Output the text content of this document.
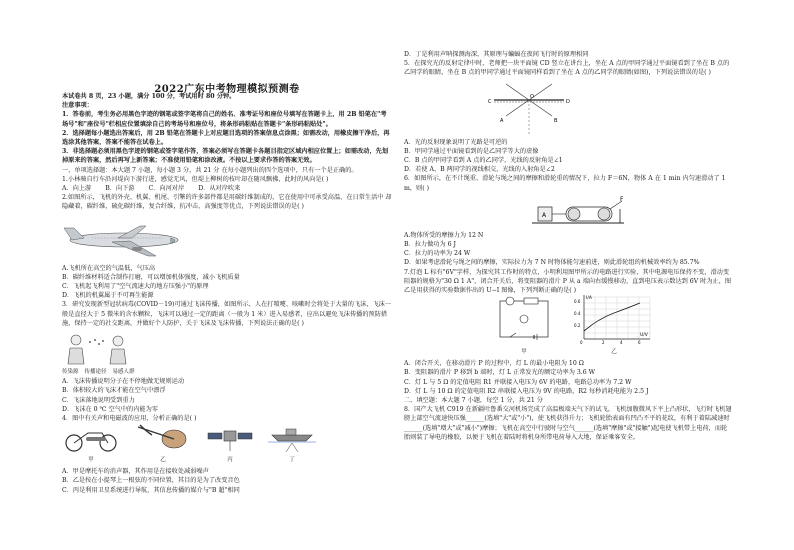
2022广东中考物理模拟预测卷
本试卷共 8 页，23 小题，满分 100 分，考试用时 80 分钟。
注意事项：
1．答卷前，考生务必用黑色字迹的钢笔或签字笔将自己的姓名、准考证号和座位号填写在答题卡上，用 2B 铅笔在"考场号"和"座位号"栏相应位置填涂自己的考场号和座位号，将条形码粘贴在答题卡"条形码粘贴处"。
2．选择题每小题选出答案后，用 2B 铅笔在答题卡上对应题目选项的答案信息点涂黑；如需改动，用橡皮擦干净后，再选涂其他答案，答案不能答在试卷上。
3．非选择题必须用黑色字迹的钢笔或签字笔作答，答案必须写在答题卡各题目指定区域内相应位置上；如需改动，先划掉原来的答案，然后再写上新答案；不准使用铅笔和涂改液。不按以上要求作答的答案无效。
一、单项选择题：本大题 7 小题，每小题 3 分，共 21 分 在每小题列出的四个选项中，只有一个是正确的。
1.小林骑自行车沿河堤向下游行进，感觉无风，但堤上柳树的枝叶却在随风飘拂，此时的风向是( )
A．向上游 B．向下游 C．向河对岸 D．从对岸吹来
2.如图所示，飞机的外壳、机翼、机尾、引擎的许多部件都是用碳纤维制成的，它在使用中可承受高温，在日常生活中 却隐藏着，碳纤维，硫化碳纤维，复合纤维，抗冲击、高强度等优点，下列说法错误的是( )
A.飞机所在高空的气温低，气压高
B．碳纤维材料适合制作打磨，可以增加机体强度，减小飞机质量
C．飞机起飞利用了"空气流速大的地方压强小"的原理
D．飞机的机翼属于不可再生能源
3．研究发现新型冠状病毒(COVID－19)可通过飞沫传播，如图所示，人在打喷嚏、咳嗽时会将处于大量的飞沫，飞沫一般是直径大于 5 微米的含水颗粒，飞沫可以通过一定的距离（一般为 1 米）进入易感者，应出以避免飞沫传播的预防措施，保持一定的社交距离，并做好个人防护，关于飞沫及飞沫传播，下列说法正确的是( )
传染源 传播途径 易感人群
A．飞沫传播说明分子在不停地做无规则运动
B．体积较大的飞沫才能在空气中漂浮
C．飞沫落地说明受到重力
D．飞沫在 0 ℃ 空气中的内能为零
4．图中有关声和电磁波的应用，分析正确的是( )
甲	乙	丙	丁
A．甲是摩托车的消声器，其作用是在接收处减弱噪声
B．乙是按在小提琴上一根弦的不同位置，其目的是为了改变音色
C．丙是利用卫星系统进行导航，其信息传播的媒介与"B 超"相同
D．丁是利用声呐探测海深，其原理与蝙蝠在夜间飞行时的原理相同
5．在探究光的反射定律中时，老师把一块平面镜 CD 竖立在讲台上，坐在 A 点的甲同学通过平面镜看到了坐在 B 点的乙同学的眼睛，坐在 B 点的甲同学通过平面镜同样看到了坐在 A 点的乙同学的眼睛(如图)，下列说法错误的是( )
C	D
O
A	B
A．光的反射现象说明了光路是可逆的
B．甲同学通过平面镜看到的是乙同学等大的虚像
C．B 点的甲同学看到 A 点的乙同学，光线的反射角是∠1
D．若使 A、B 两同学的视线相交，光线的入射角是∠2
6．如图所示，在不计绳重、滑轮与绳之间的摩擦和滑轮重的情况下，拉力 F＝6N，物体 A 在 1 min 内匀速滑动了 1 m，则( )
A
F
A.物体所受的摩擦力为 12 N
B．拉力做功为 6 J
C．拉力的功率为 24 W
D．如果考虑滑轮与绳之间的摩擦，实际拉力为 7 N 时物体能匀速前进，则此滑轮组的机械效率约为 85.7%
7.灯泡 L 标有"6V"字样，为探究其工作时的特点，小明利用图甲所示的电路进行实验，其中电源电压保持不变，滑动变阻器的规格为"30 Ω 1 A"，闭合开关后，将变阻器的滑片 P 从 a 端向右缓慢移动，直到电压表示数达到 6V 时为止，图乙是用获得的实验数据作出的 U−I 图像，下列判断正确的是( )
甲
I/A
U/V
0	2	4	6
0.2
0.4
0.6
乙
A．闭合开关，在移动滑片 P 的过程中，灯 L 的最小电阻为 10 Ω
B．变阻器的滑片 P 移到 b 端时，灯 L 正常发光的额定功率为 3.6 W
C．灯 L 与 5 Ω 的定值电阻 R1 并联接入电压为 6V 的电路，电路总功率为 7.2 W
D．灯 L 与 10 Ω 的定值电阻 R2 串联接入电压为 9V 的电路，R2 每秒消耗电能为 2.5 J
二、填空题：本大题 7 小题，每空 1 分，共 21 分
8．国产大飞机 C919 在新疆吐鲁番交河机场完成了高温极端天气下的试飞，飞机加腹微风下平上凸形状，飞行时飞机翅膀上部空气流速快压强______(选填"大"或"小")，使飞机获得升力；飞机轮胎表面有凹凸不平的花纹，有利于着陆减速时______(选填"增大"或"减小")摩擦；飞机在高空中行驶时与空气______(选填"摩擦"或"接触")起电使飞机带上电荷，而轮胎则装了导电的橡胶，以便于飞机在着陆时将机身所带电荷导入大地，保证乘客安全。
